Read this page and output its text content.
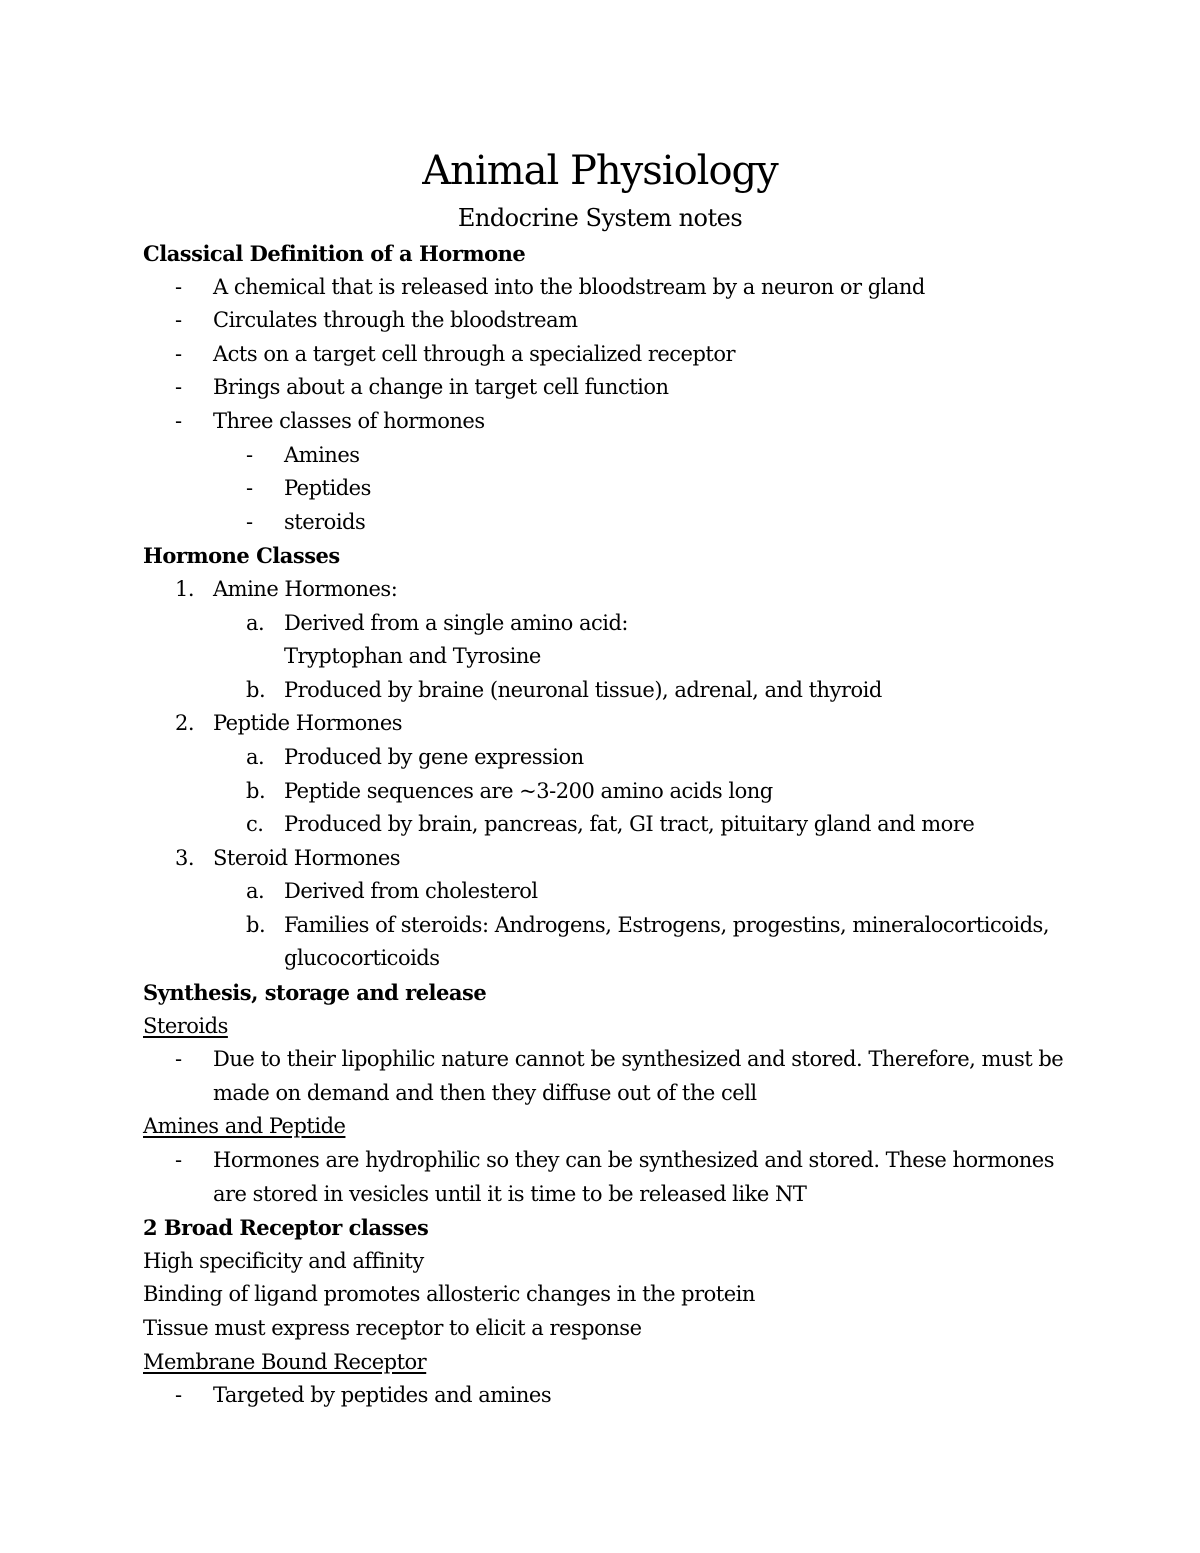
Animal Physiology
Endocrine System notes
Classical Definition of a Hormone
- A chemical that is released into the bloodstream by a neuron or gland
- Circulates through the bloodstream
- Acts on a target cell through a specialized receptor
- Brings about a change in target cell function
- Three classes of hormones
- Amines
- Peptides
- steroids
Hormone Classes
1. Amine Hormones:
a. Derived from a single amino acid:
Tryptophan and Tyrosine
b. Produced by braine (neuronal tissue), adrenal, and thyroid
2. Peptide Hormones
a. Produced by gene expression
b. Peptide sequences are ~3-200 amino acids long
c. Produced by brain, pancreas, fat, GI tract, pituitary gland and more
3. Steroid Hormones
a. Derived from cholesterol
b. Families of steroids: Androgens, Estrogens, progestins, mineralocorticoids,
glucocorticoids
Synthesis, storage and release
Steroids
- Due to their lipophilic nature cannot be synthesized and stored. Therefore, must be
made on demand and then they diffuse out of the cell
Amines and Peptide
- Hormones are hydrophilic so they can be synthesized and stored. These hormones
are stored in vesicles until it is time to be released like NT
2 Broad Receptor classes
High specificity and affinity
Binding of ligand promotes allosteric changes in the protein
Tissue must express receptor to elicit a response
Membrane Bound Receptor
- Targeted by peptides and amines
